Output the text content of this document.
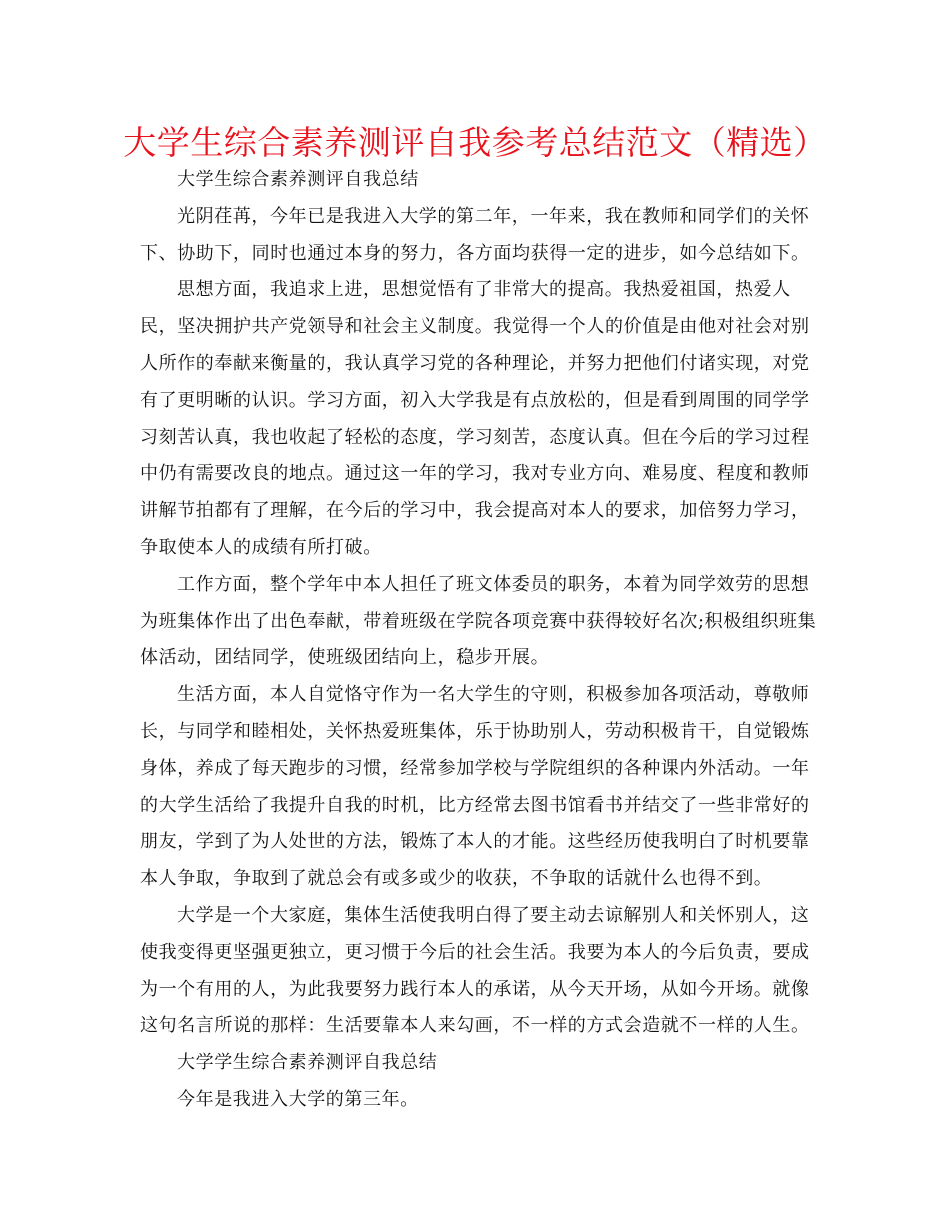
大学生综合素养测评自我参考总结范文（精选）

大学生综合素养测评自我总结

光阴荏苒，今年已是我进入大学的第二年，一年来，我在教师和同学们的关怀下、协助下，同时也通过本身的努力，各方面均获得一定的进步，如今总结如下。

思想方面，我追求上进，思想觉悟有了非常大的提高。我热爱祖国，热爱人民，坚决拥护共产党领导和社会主义制度。我觉得一个人的价值是由他对社会对别人所作的奉献来衡量的，我认真学习党的各种理论，并努力把他们付诸实现，对党有了更明晰的认识。学习方面，初入大学我是有点放松的，但是看到周围的同学学习刻苦认真，我也收起了轻松的态度，学习刻苦，态度认真。但在今后的学习过程中仍有需要改良的地点。通过这一年的学习，我对专业方向、难易度、程度和教师讲解节拍都有了理解，在今后的学习中，我会提高对本人的要求，加倍努力学习，争取使本人的成绩有所打破。

工作方面，整个学年中本人担任了班文体委员的职务，本着为同学效劳的思想为班集体作出了出色奉献，带着班级在学院各项竞赛中获得较好名次;积极组织班集体活动，团结同学，使班级团结向上，稳步开展。

生活方面，本人自觉恪守作为一名大学生的守则，积极参加各项活动，尊敬师长，与同学和睦相处，关怀热爱班集体，乐于协助别人，劳动积极肯干，自觉锻炼身体，养成了每天跑步的习惯，经常参加学校与学院组织的各种课内外活动。一年的大学生活给了我提升自我的时机，比方经常去图书馆看书并结交了一些非常好的朋友，学到了为人处世的方法，锻炼了本人的才能。这些经历使我明白了时机要靠本人争取，争取到了就总会有或多或少的收获，不争取的话就什么也得不到。

大学是一个大家庭，集体生活使我明白得了要主动去谅解别人和关怀别人，这使我变得更坚强更独立，更习惯于今后的社会生活。我要为本人的今后负责，要成为一个有用的人，为此我要努力践行本人的承诺，从今天开场，从如今开场。就像这句名言所说的那样：生活要靠本人来勾画，不一样的方式会造就不一样的人生。

大学学生综合素养测评自我总结

今年是我进入大学的第三年。
